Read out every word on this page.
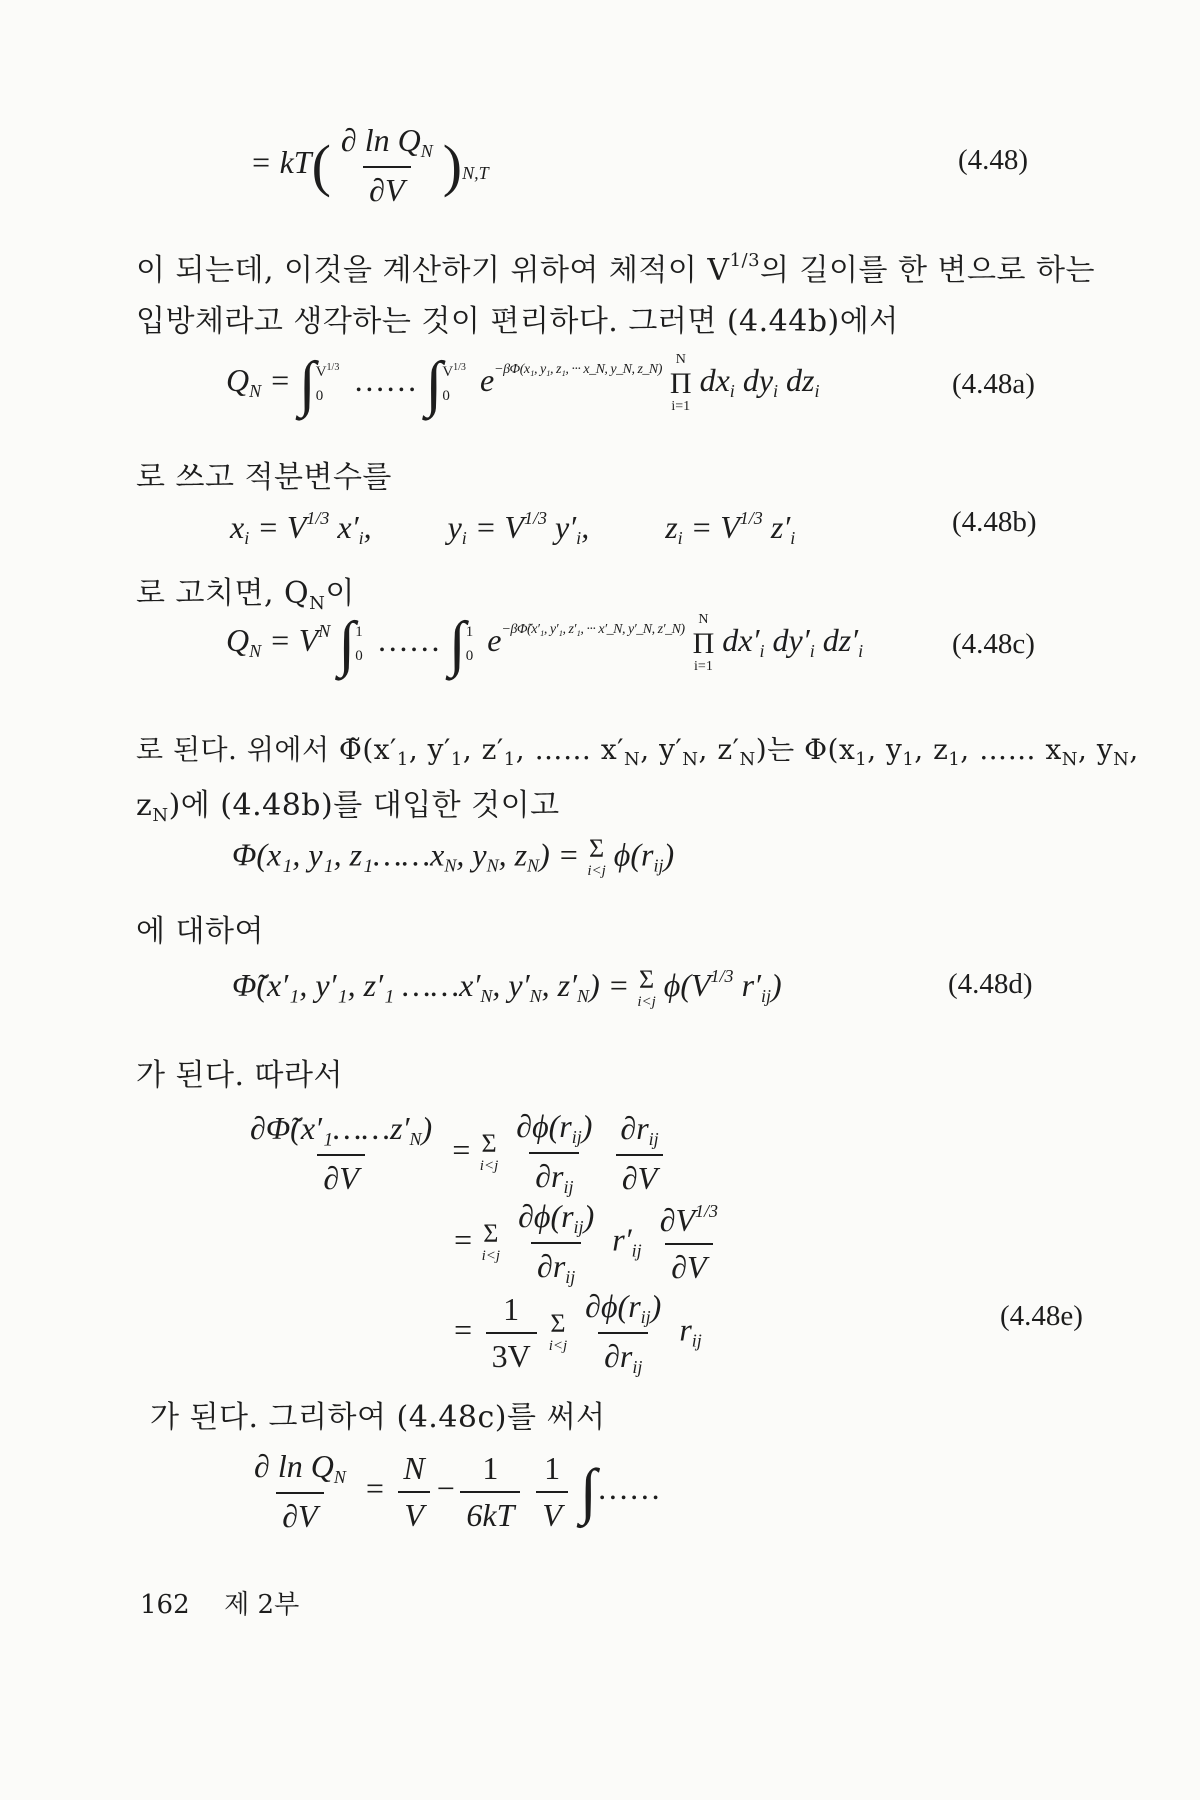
= $kT( \frac{\partial \ln Q_N}{\partial V} )_{N,T}$	(4.48)
이 되는데, 이것을 계산하기 위하여 체적이 $V^{1/3}$의 길이를 한 변으로 하는
입방체라고 생각하는 것이 편리하다. 그러면 (4.44b)에서
$Q_N$ = ∫ $V^{1/3}$
0 …… ∫ $V^{1/3}$
0 $e^{-\beta\Phi(x_1, y_1, z_1, \cdot\cdot\cdot x\_N, y\_N, z\_N)}$
N
Π
i=1
$dx_i$ $dy_i$ $dz_i$	(4.48a)
로 쓰고 적분변수를
$x_i = V^{1/3}$ $x'_i$,  $y_i = V^{1/3}$ $y'_i$,  $z_i = V^{1/3}$ $z'_i$	(4.48b)
로 고치면, $Q_N$이
$Q_N = V^N$ ∫ 1
0 …… ∫ 1
0 $e^{-\beta\Phĩ(x'_1, y'_1, z'_1, \cdot\cdot\cdot x'\_N, y'\_N, z'\_N)}$
N
Π
i=1
$dx'_i$ $dy'_i$ $dz'_i$	(4.48c)
로 된다. 위에서 $\Phĩ(x'_1$, $y'_1$, $z'_1$, …… $x'_N$, $y'_N$, $z'_N$)는 $\Phi(x_1$, $y_1$, $z_1$, …… $x_N$, $y_N$,
$z_N$)에 (4.48b)를 대입한 것이고
Φ(x₁, y₁, $z_1\dots\dots x_N$, $y_N$, $z_N) = \Sigma$
i<j $\phi(r_{ij})$
에 대하여
Φ̃(x′₁, y′₁, z′₁ $\dots\dots x'_N$, $y'_N$, $z'_N) = \Sigma$
i<j $\phi(V^{1/3}$ $r'_{ij}$)	(4.48d)
가 된다. 따라서
$\frac{\partial\Phĩ(x'_1\dots\dots z'_N)}{\partial V} = \Sigma$
i<j
$\frac{\partial\phi(r_{ij})}{\partial r_{ij}}$
$\frac{\partial r_{ij}}{\partial V}$
= Σ
i<j
$\frac{\partial\phi(r_{ij})}{\partial r_{ij}} r'_{ij} \frac{\partial V^{1/3}}{\partial V}$
= $\frac{1}{3V}$
Σ
i<j
$\frac{\partial\phi(r_{ij})}{\partial r_{ij}} r_{ij}$
(4.48e)
가 된다. 그리하여 (4.48c)를 써서
$\frac{\partial \ln Q_N}{\partial V} = \frac{N}{V} - \frac{1}{6kT}$
$\frac{1}{V}$ ∫……
162 제 2부
